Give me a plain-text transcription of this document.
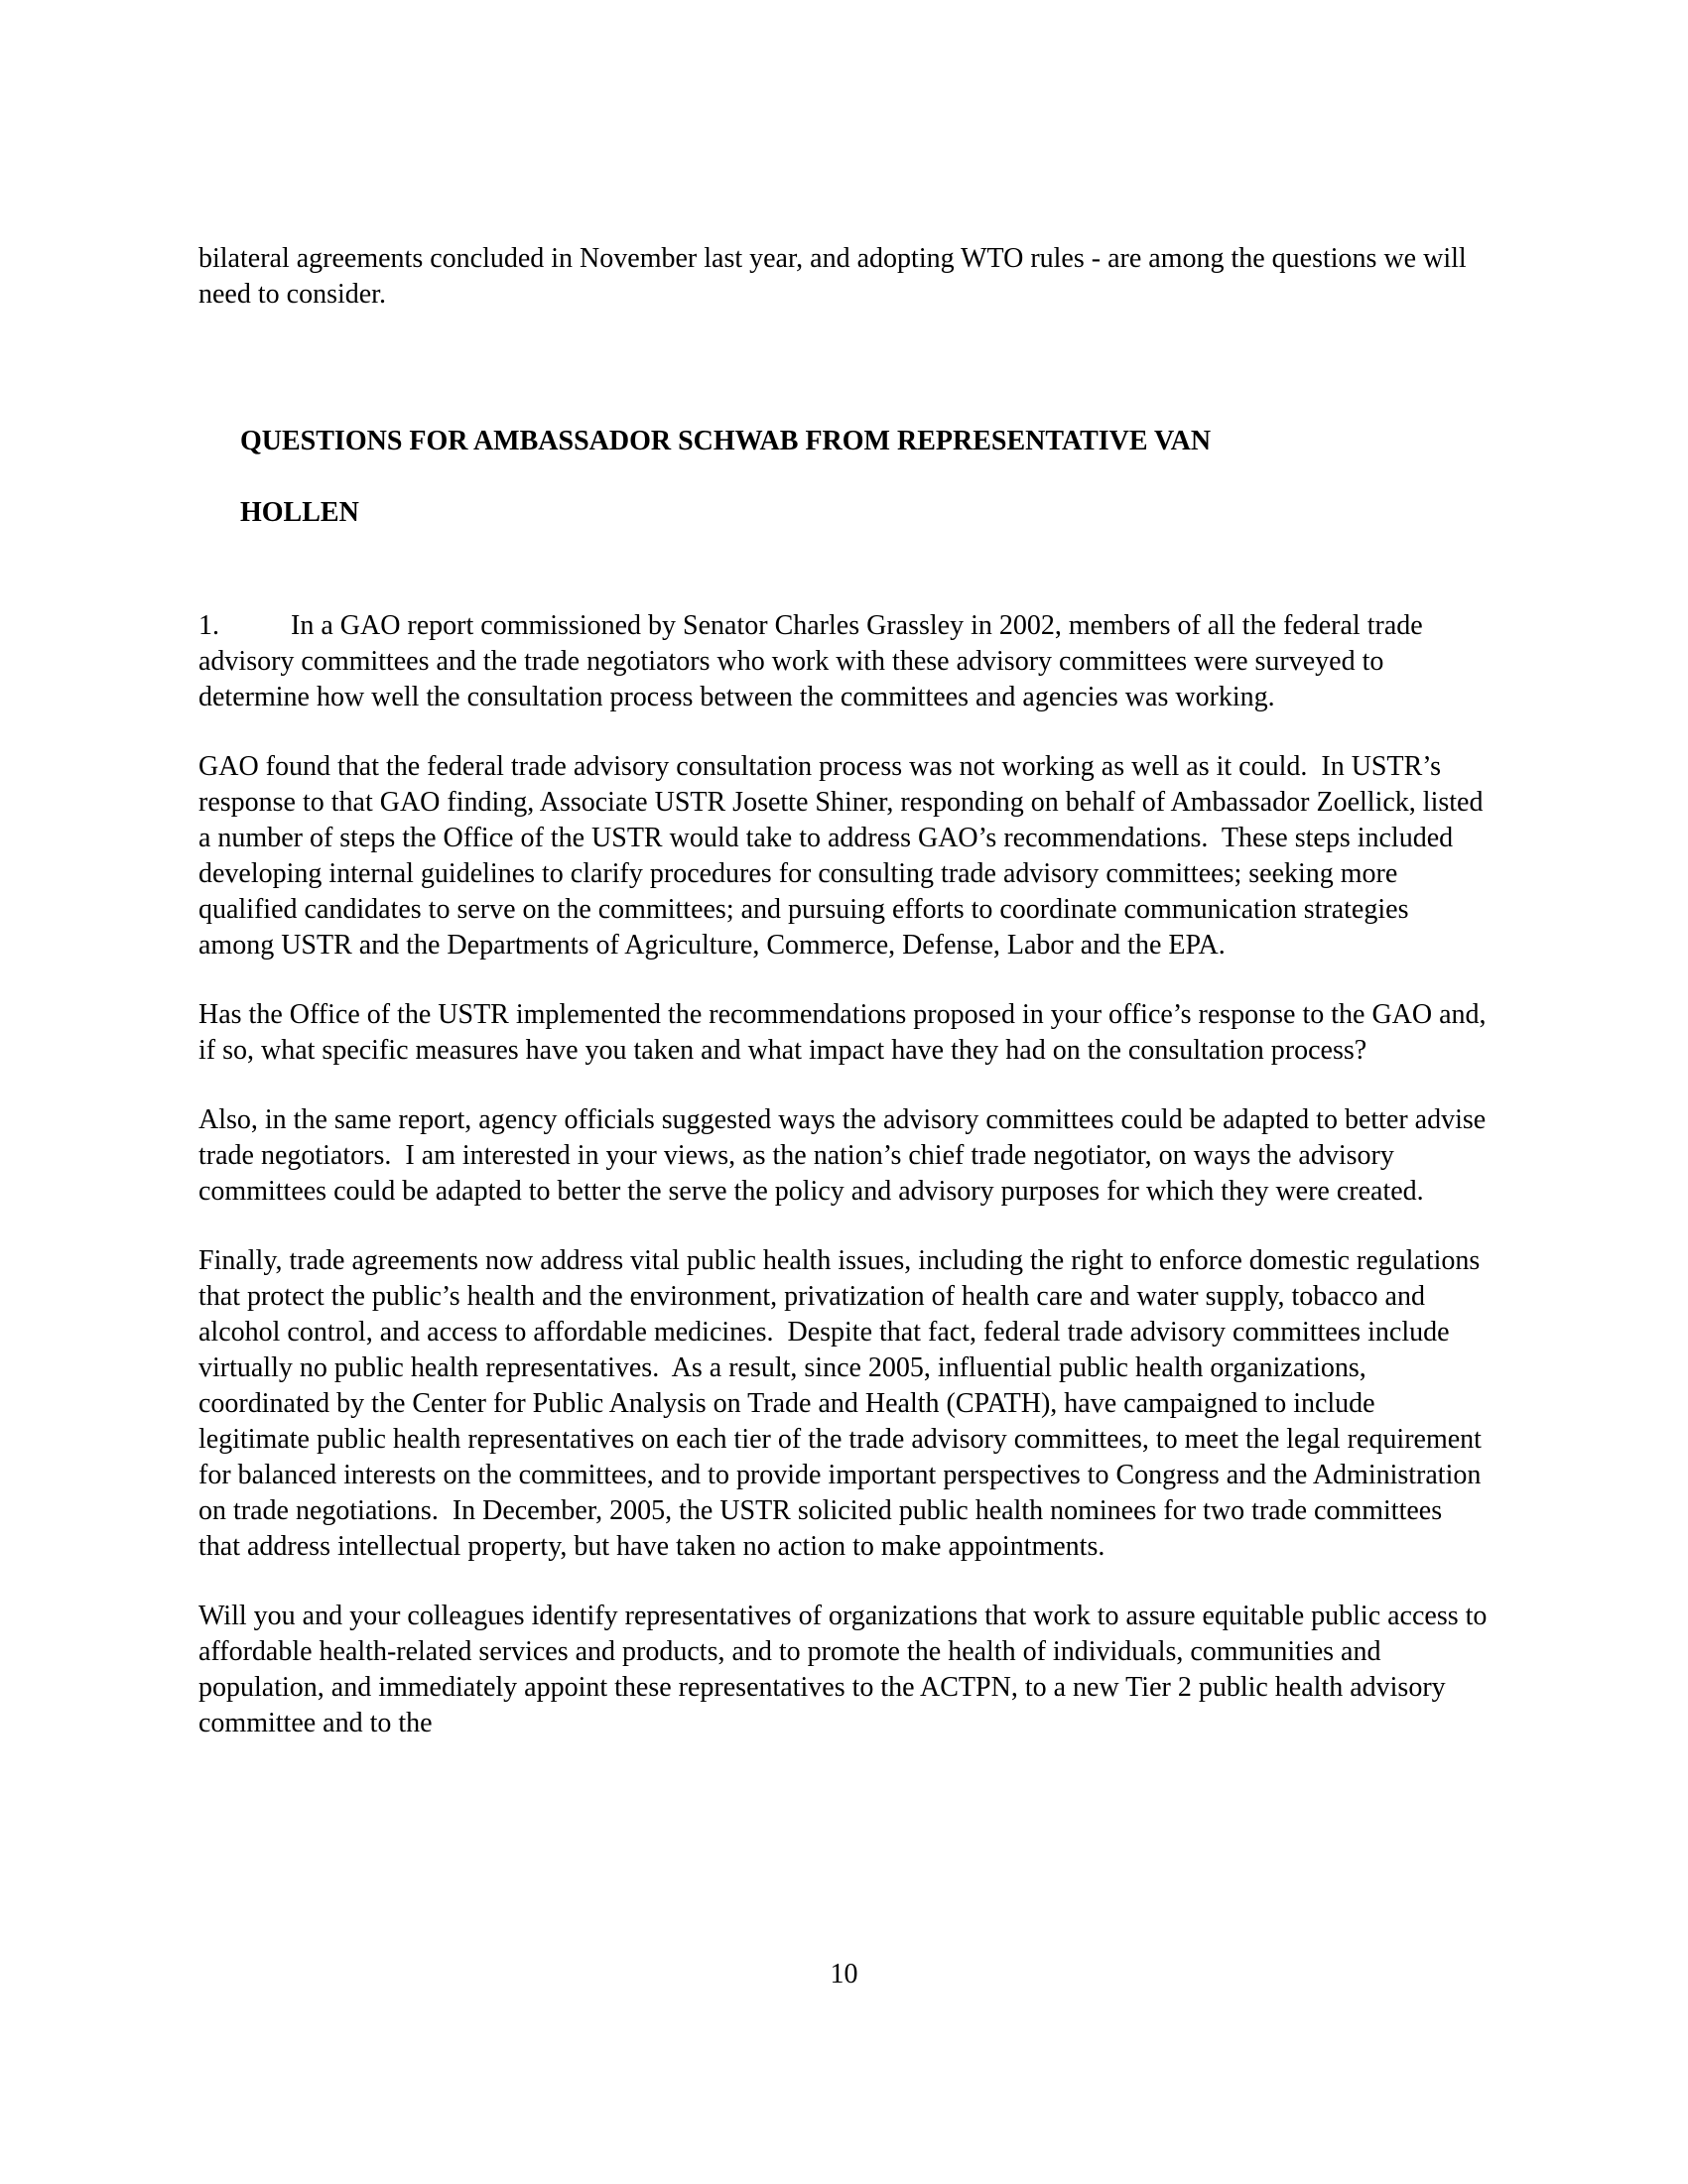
bilateral agreements concluded in November last year, and adopting WTO rules - are among the questions we will need to consider.

QUESTIONS FOR AMBASSADOR SCHWAB FROM REPRESENTATIVE VAN

HOLLEN

1.	In a GAO report commissioned by Senator Charles Grassley in 2002, members of all the federal trade advisory committees and the trade negotiators who work with these advisory committees were surveyed to determine how well the consultation process between the committees and agencies was working.

GAO found that the federal trade advisory consultation process was not working as well as it could.  In USTR’s response to that GAO finding, Associate USTR Josette Shiner, responding on behalf of Ambassador Zoellick, listed a number of steps the Office of the USTR would take to address GAO’s recommendations.  These steps included developing internal guidelines to clarify procedures for consulting trade advisory committees; seeking more qualified candidates to serve on the committees; and pursuing efforts to coordinate communication strategies among USTR and the Departments of Agriculture, Commerce, Defense, Labor and the EPA.

Has the Office of the USTR implemented the recommendations proposed in your office’s response to the GAO and, if so, what specific measures have you taken and what impact have they had on the consultation process?

Also, in the same report, agency officials suggested ways the advisory committees could be adapted to better advise trade negotiators.  I am interested in your views, as the nation’s chief trade negotiator, on ways the advisory committees could be adapted to better the serve the policy and advisory purposes for which they were created.

Finally, trade agreements now address vital public health issues, including the right to enforce domestic regulations that protect the public’s health and the environment, privatization of health care and water supply, tobacco and alcohol control, and access to affordable medicines.  Despite that fact, federal trade advisory committees include virtually no public health representatives.  As a result, since 2005, influential public health organizations, coordinated by the Center for Public Analysis on Trade and Health (CPATH), have campaigned to include legitimate public health representatives on each tier of the trade advisory committees, to meet the legal requirement for balanced interests on the committees, and to provide important perspectives to Congress and the Administration on trade negotiations.  In December, 2005, the USTR solicited public health nominees for two trade committees that address intellectual property, but have taken no action to make appointments.

Will you and your colleagues identify representatives of organizations that work to assure equitable public access to affordable health-related services and products, and to promote the health of individuals, communities and population, and immediately appoint these representatives to the ACTPN, to a new Tier 2 public health advisory committee and to the

10
